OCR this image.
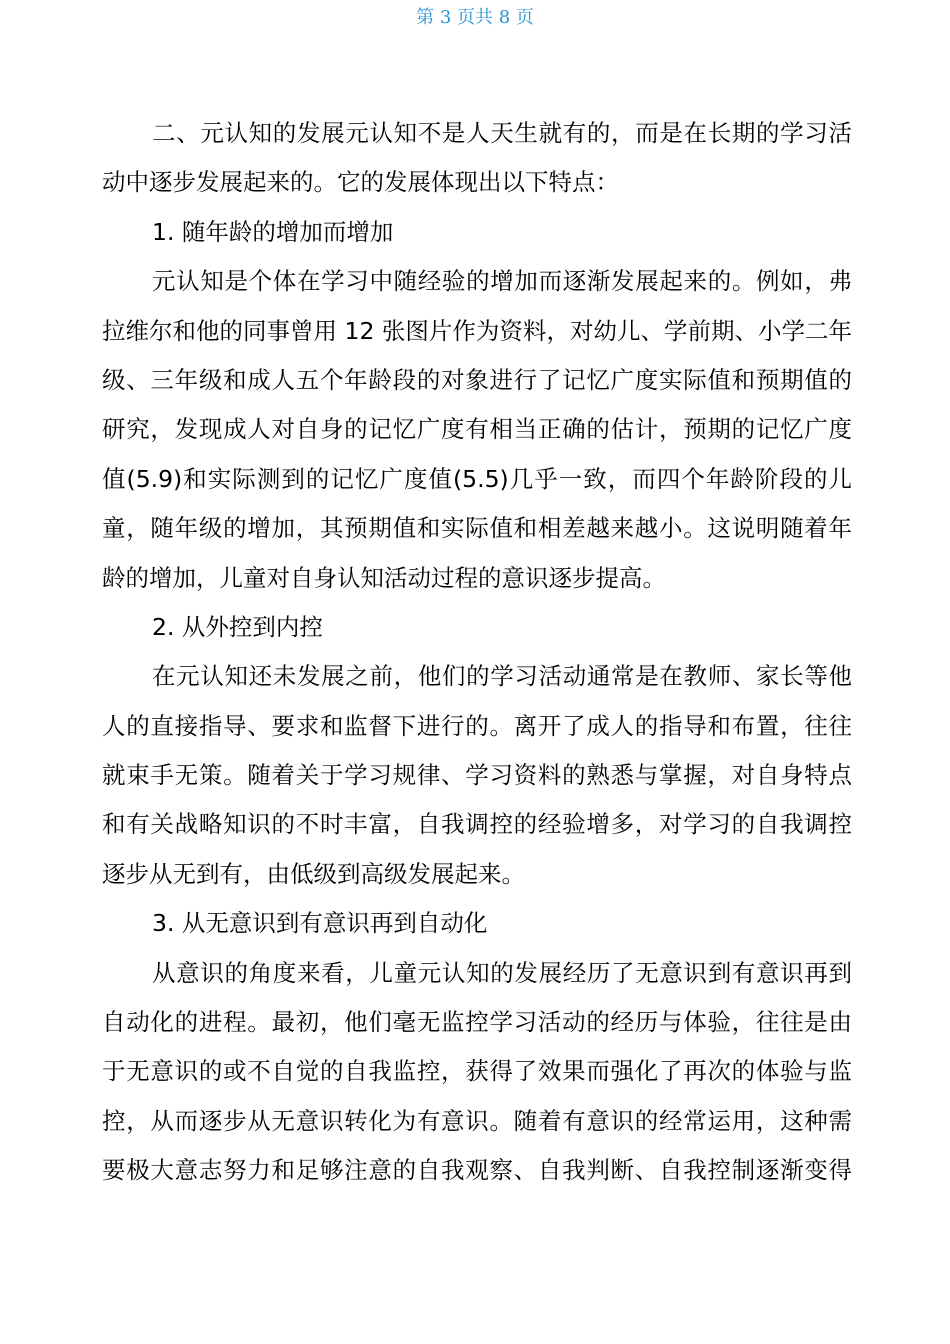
第 3 页共 8 页
二、元认知的发展元认知不是人天生就有的，而是在长期的学习活
动中逐步发展起来的。它的发展体现出以下特点：
1. 随年龄的增加而增加
元认知是个体在学习中随经验的增加而逐渐发展起来的。例如，弗
拉维尔和他的同事曾用 12 张图片作为资料，对幼儿、学前期、小学二年
级、三年级和成人五个年龄段的对象进行了记忆广度实际值和预期值的
研究，发现成人对自身的记忆广度有相当正确的估计，预期的记忆广度
值(5.9)和实际测到的记忆广度值(5.5)几乎一致，而四个年龄阶段的儿
童，随年级的增加，其预期值和实际值和相差越来越小。这说明随着年
龄的增加，儿童对自身认知活动过程的意识逐步提高。
2. 从外控到内控
在元认知还未发展之前，他们的学习活动通常是在教师、家长等他
人的直接指导、要求和监督下进行的。离开了成人的指导和布置，往往
就束手无策。随着关于学习规律、学习资料的熟悉与掌握，对自身特点
和有关战略知识的不时丰富，自我调控的经验增多，对学习的自我调控
逐步从无到有，由低级到高级发展起来。
3. 从无意识到有意识再到自动化
从意识的角度来看，儿童元认知的发展经历了无意识到有意识再到
自动化的进程。最初，他们毫无监控学习活动的经历与体验，往往是由
于无意识的或不自觉的自我监控，获得了效果而强化了再次的体验与监
控，从而逐步从无意识转化为有意识。随着有意识的经常运用，这种需
要极大意志努力和足够注意的自我观察、自我判断、自我控制逐渐变得
